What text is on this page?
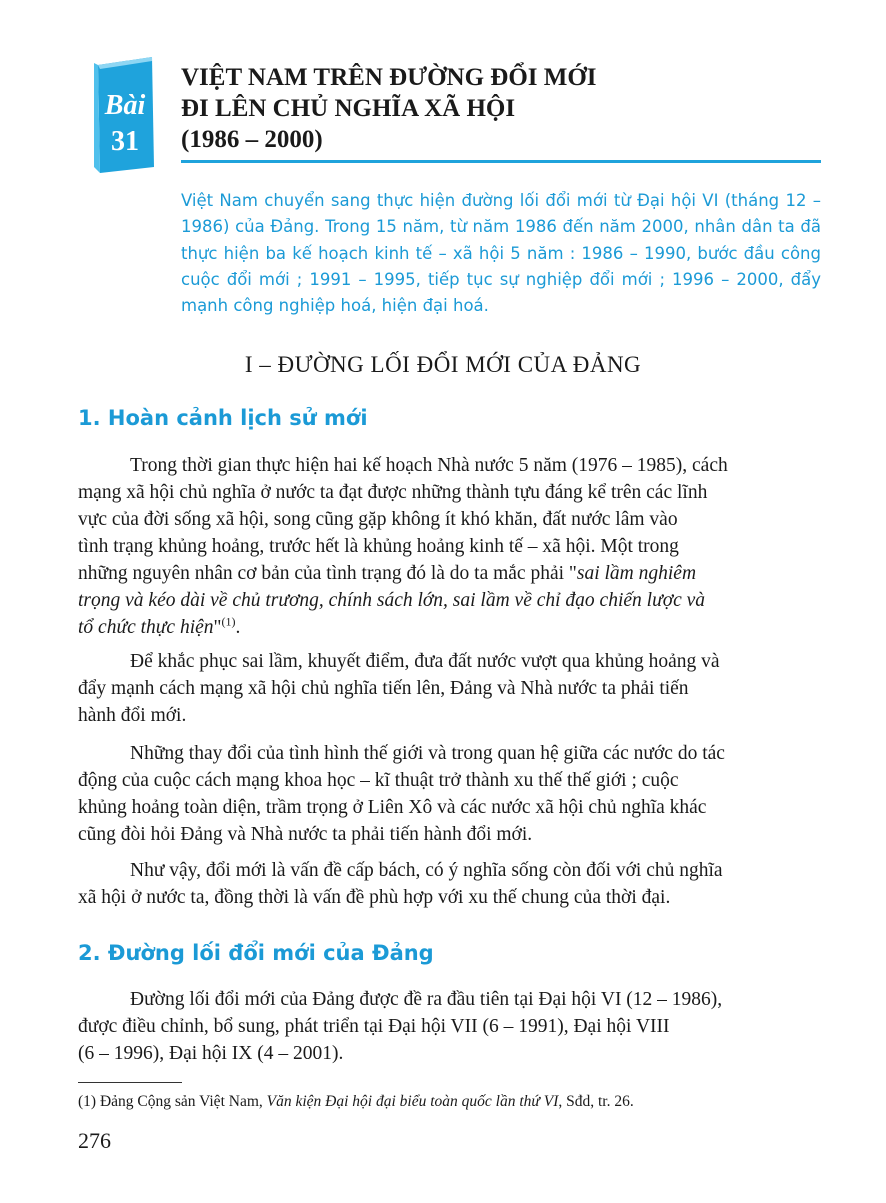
Bài
31
VIỆT NAM TRÊN ĐƯỜNG ĐỔI MỚI
ĐI LÊN CHỦ NGHĨA XÃ HỘI
(1986 – 2000)
Việt Nam chuyển sang thực hiện đường lối đổi mới từ Đại hội VI (tháng 12 – 1986) của Đảng. Trong 15 năm, từ năm 1986 đến năm 2000, nhân dân ta đã thực hiện ba kế hoạch kinh tế – xã hội 5 năm : 1986 – 1990, bước đầu công cuộc đổi mới ; 1991 – 1995, tiếp tục sự nghiệp đổi mới ; 1996 – 2000, đẩy mạnh công nghiệp hoá, hiện đại hoá.
I – ĐƯỜNG LỐI ĐỔI MỚI CỦA ĐẢNG
1. Hoàn cảnh lịch sử mới
Trong thời gian thực hiện hai kế hoạch Nhà nước 5 năm (1976 – 1985), cách
mạng xã hội chủ nghĩa ở nước ta đạt được những thành tựu đáng kể trên các lĩnh
vực của đời sống xã hội, song cũng gặp không ít khó khăn, đất nước lâm vào
tình trạng khủng hoảng, trước hết là khủng hoảng kinh tế – xã hội. Một trong
những nguyên nhân cơ bản của tình trạng đó là do ta mắc phải "sai lầm nghiêm
trọng và kéo dài về chủ trương, chính sách lớn, sai lầm về chỉ đạo chiến lược và
tổ chức thực hiện"$^{(1)}$.
Để khắc phục sai lầm, khuyết điểm, đưa đất nước vượt qua khủng hoảng và
đẩy mạnh cách mạng xã hội chủ nghĩa tiến lên, Đảng và Nhà nước ta phải tiến
hành đổi mới.
Những thay đổi của tình hình thế giới và trong quan hệ giữa các nước do tác
động của cuộc cách mạng khoa học – kĩ thuật trở thành xu thế thế giới ; cuộc
khủng hoảng toàn diện, trầm trọng ở Liên Xô và các nước xã hội chủ nghĩa khác
cũng đòi hỏi Đảng và Nhà nước ta phải tiến hành đổi mới.
Như vậy, đổi mới là vấn đề cấp bách, có ý nghĩa sống còn đối với chủ nghĩa
xã hội ở nước ta, đồng thời là vấn đề phù hợp với xu thế chung của thời đại.
2. Đường lối đổi mới của Đảng
Đường lối đổi mới của Đảng được đề ra đầu tiên tại Đại hội VI (12 – 1986),
được điều chỉnh, bổ sung, phát triển tại Đại hội VII (6 – 1991), Đại hội VIII
(6 – 1996), Đại hội IX (4 – 2001).
(1) Đảng Cộng sản Việt Nam, Văn kiện Đại hội đại biểu toàn quốc lần thứ VI, Sđd, tr. 26.
276
